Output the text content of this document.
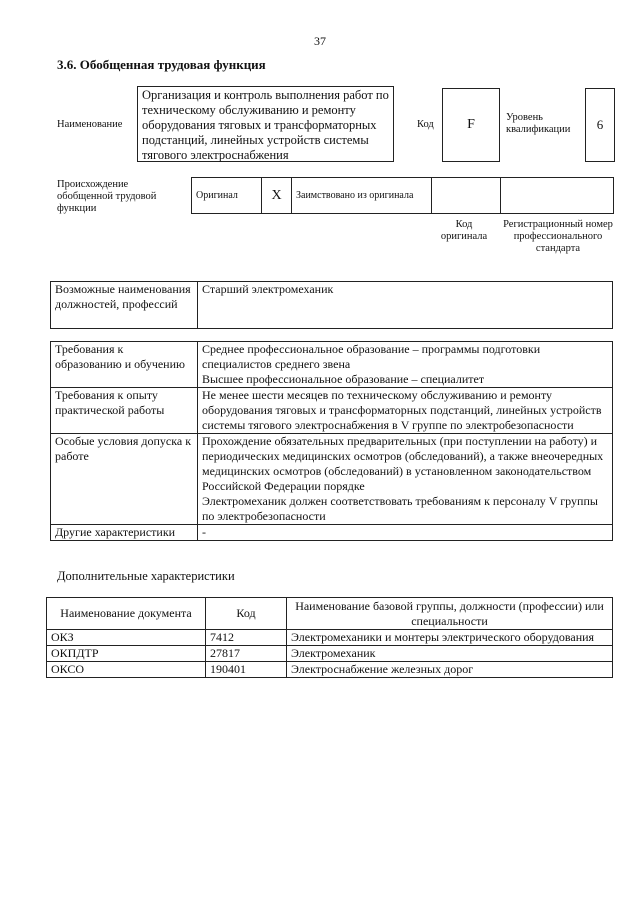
37
3.6. Обобщенная трудовая функция
Наименование
Организация и контроль выполнения работ по техническому обслуживанию и ремонту оборудования тяговых и трансформаторных подстанций, линейных устройств системы тягового электроснабжения
Код	F	Уровень квалификации	6
Происхождение обобщенной трудовой функции
Оригинал	X	Заимствовано из оригинала		
Код оригинала
Регистрационный номер профессионального стандарта
Возможные наименования должностей, профессий	Старший электромеханик
Требования к образованию и обучению	Среднее профессиональное образование – программы подготовки специалистов среднего звена
Высшее профессиональное образование – специалитет

Требования к опыту практической работы	Не менее шести месяцев по техническому обслуживанию и ремонту оборудования тяговых и трансформаторных подстанций, линейных устройств системы тягового электроснабжения в V группе по электробезопасности

Особые условия допуска к работе	Прохождение обязательных предварительных (при поступлении на работу) и периодических медицинских осмотров (обследований), а также внеочередных медицинских осмотров (обследований) в установленном законодательством Российской Федерации порядке
Электромеханик должен соответствовать требованиям к персоналу V группы по электробезопасности

Другие характеристики	-
Дополнительные характеристики
Наименование документа	Код	Наименование базовой группы, должности (профессии) или специальности
ОКЗ	7412	Электромеханики и монтеры электрического оборудования
ОКПДТР	27817	Электромеханик
ОКСО	190401	Электроснабжение железных дорог
